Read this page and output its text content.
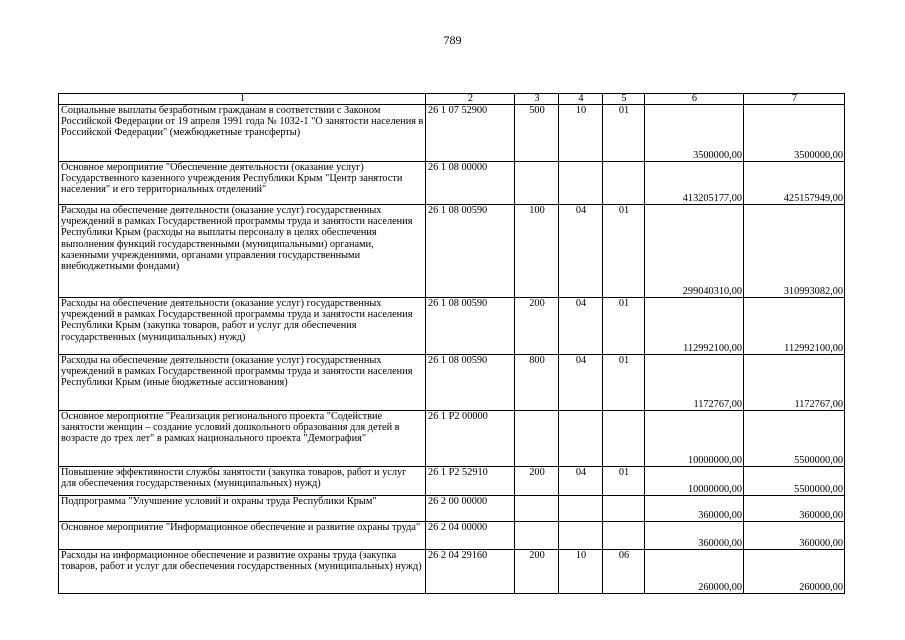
789
1	2	3	4	5	6	7
Социальные выплаты безработным гражданам в соответствии с Законом Российской Федерации от 19 апреля 1991 года № 1032-1 "О занятости населения в Российской Федерации" (межбюджетные трансферты)	26 1 07 52900	500	10	01	3500000,00	3500000,00
Основное мероприятие "Обеспечение деятельности (оказание услуг) Государственного казенного учреждения Республики Крым "Центр занятости населения" и его территориальных отделений"	26 1 08 00000				413205177,00	425157949,00
Расходы на обеспечение деятельности (оказание услуг) государственных учреждений в рамках Государственной программы труда и занятости населения Республики Крым (расходы на выплаты персоналу в целях обеспечения выполнения функций государственными (муниципальными) органами, казенными учреждениями, органами управления государственными внебюджетными фондами)	26 1 08 00590	100	04	01	299040310,00	310993082,00
Расходы на обеспечение деятельности (оказание услуг) государственных учреждений в рамках Государственной программы труда и занятости населения Республики Крым (закупка товаров, работ и услуг для обеспечения государственных (муниципальных) нужд)	26 1 08 00590	200	04	01	112992100,00	112992100,00
Расходы на обеспечение деятельности (оказание услуг) государственных учреждений в рамках Государственной программы труда и занятости населения Республики Крым (иные бюджетные ассигнования)	26 1 08 00590	800	04	01	1172767,00	1172767,00
Основное мероприятие "Реализация регионального проекта "Содействие занятости женщин – создание условий дошкольного образования для детей в возрасте до трех лет" в рамках национального проекта "Демография"	26 1 P2 00000				10000000,00	5500000,00
Повышение эффективности службы занятости (закупка товаров, работ и услуг для обеспечения государственных (муниципальных) нужд)	26 1 P2 52910	200	04	01	10000000,00	5500000,00
Подпрограмма "Улучшение условий и охраны труда Республики Крым"	26 2 00 00000				360000,00	360000,00
Основное мероприятие "Информационное обеспечение и развитие охраны труда"	26 2 04 00000				360000,00	360000,00
Расходы на информационное обеспечение и развитие охраны труда (закупка товаров, работ и услуг для обеспечения государственных (муниципальных) нужд)	26 2 04 29160	200	10	06	260000,00	260000,00
